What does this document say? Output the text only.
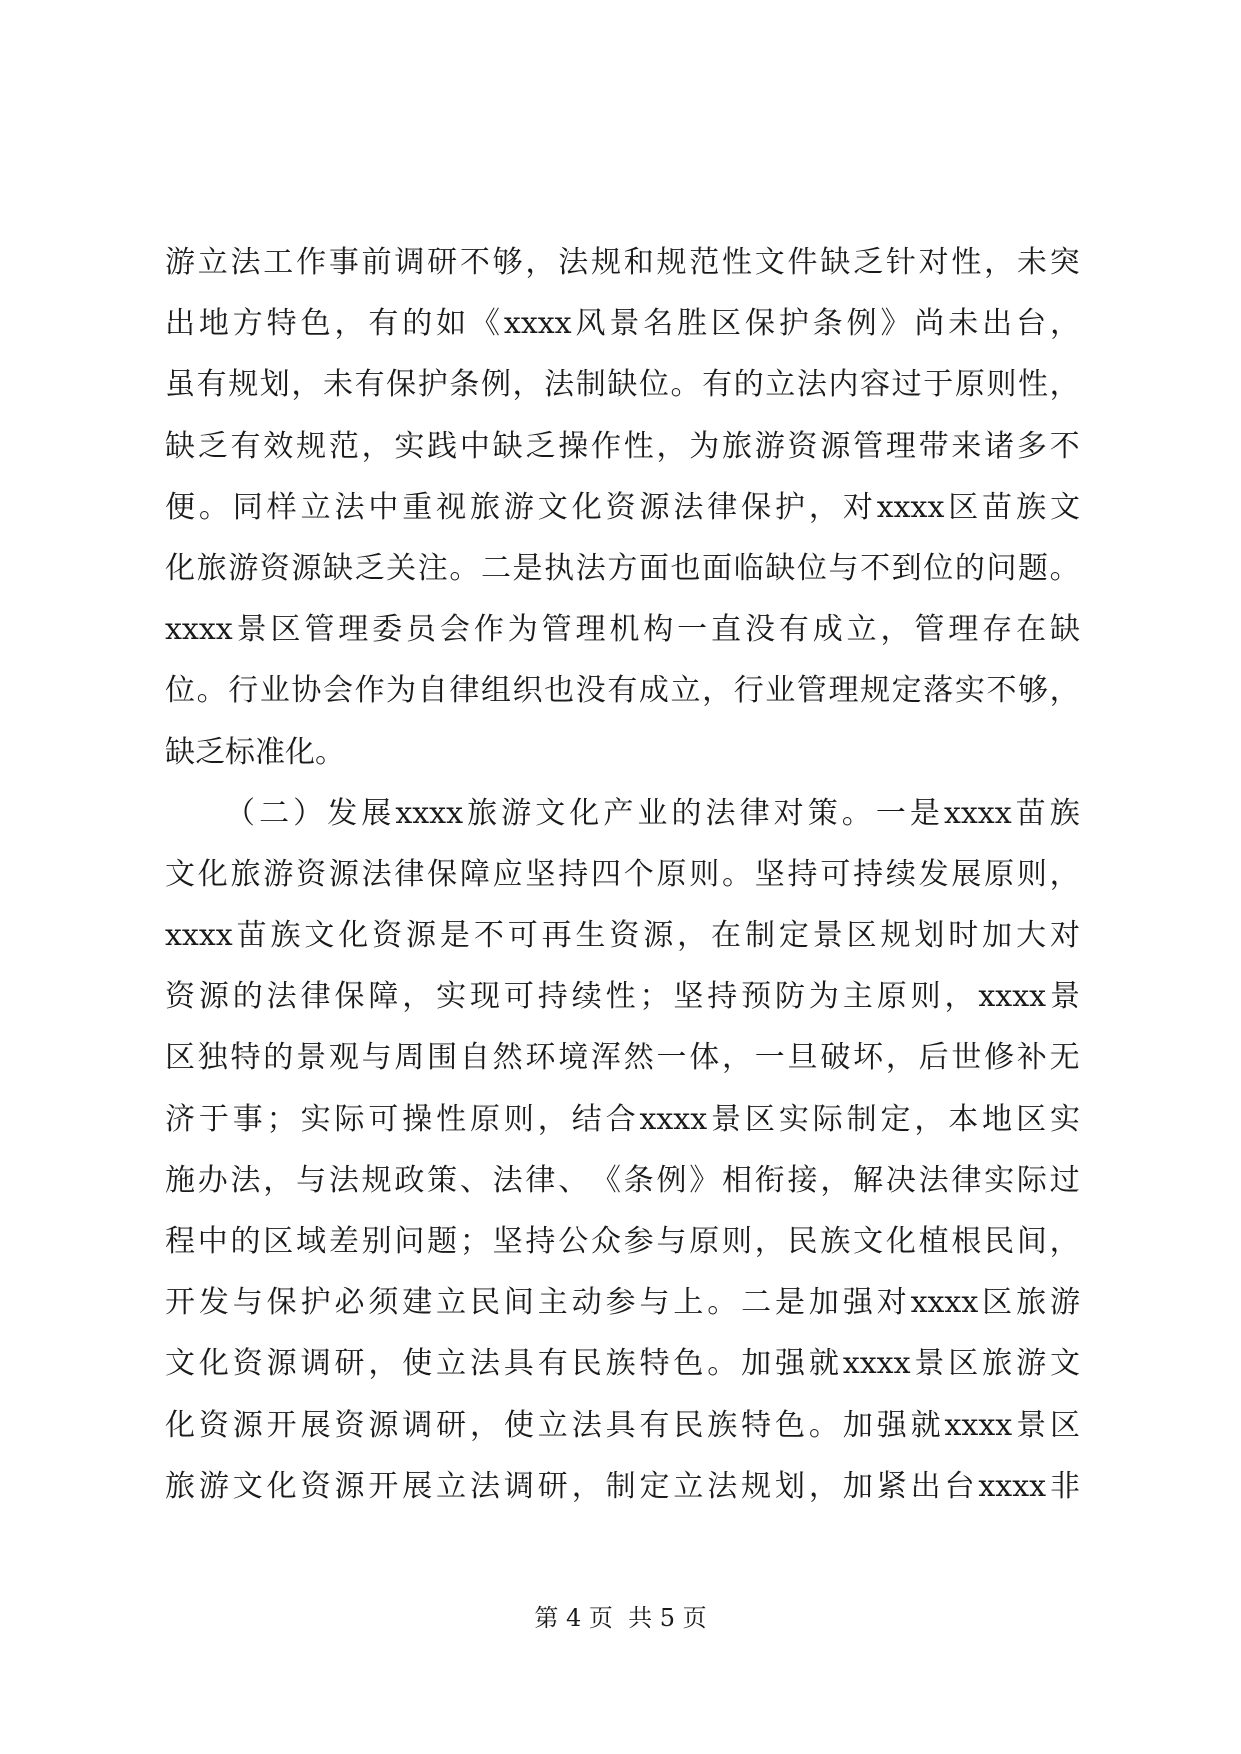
游 立 法 工 作 事 前 调 研 不 够 ， 法 规 和 规 范 性 文 件 缺 乏 针 对 性 ， 未 突
出 地 方 特 色 ， 有 的 如 《 xxxx 风 景 名 胜 区 保 护 条 例 》 尚 未 出 台 ，
虽 有 规 划 ， 未 有 保 护 条 例 ， 法 制 缺 位 。 有 的 立 法 内 容 过 于 原 则 性 ，
缺 乏 有 效 规 范 ， 实 践 中 缺 乏 操 作 性 ， 为 旅 游 资 源 管 理 带 来 诸 多 不
便 。 同 样 立 法 中 重 视 旅 游 文 化 资 源 法 律 保 护 ， 对 xxxx 区 苗 族 文
化 旅 游 资 源 缺 乏 关 注 。 二 是 执 法 方 面 也 面 临 缺 位 与 不 到 位 的 问 题 。
xxxx 景 区 管 理 委 员 会 作 为 管 理 机 构 一 直 没 有 成 立 ， 管 理 存 在 缺
位 。 行 业 协 会 作 为 自 律 组 织 也 没 有 成 立 ， 行 业 管 理 规 定 落 实 不 够 ，
缺 乏 标 准 化 。
（ 二 ） 发 展 xxxx 旅 游 文 化 产 业 的 法 律 对 策 。 一 是 xxxx 苗 族
文 化 旅 游 资 源 法 律 保 障 应 坚 持 四 个 原 则 。 坚 持 可 持 续 发 展 原 则 ，
xxxx 苗 族 文 化 资 源 是 不 可 再 生 资 源 ， 在 制 定 景 区 规 划 时 加 大 对
资 源 的 法 律 保 障 ， 实 现 可 持 续 性 ； 坚 持 预 防 为 主 原 则 ， xxxx 景
区 独 特 的 景 观 与 周 围 自 然 环 境 浑 然 一 体 ， 一 旦 破 坏 ， 后 世 修 补 无
济 于 事 ； 实 际 可 操 性 原 则 ， 结 合 xxxx 景 区 实 际 制 定 ， 本 地 区 实
施 办 法 ， 与 法 规 政 策 、 法 律 、 《 条 例 》 相 衔 接 ， 解 决 法 律 实 际 过
程 中 的 区 域 差 别 问 题 ； 坚 持 公 众 参 与 原 则 ， 民 族 文 化 植 根 民 间 ，
开 发 与 保 护 必 须 建 立 民 间 主 动 参 与 上 。 二 是 加 强 对 xxxx 区 旅 游
文 化 资 源 调 研 ， 使 立 法 具 有 民 族 特 色 。 加 强 就 xxxx 景 区 旅 游 文
化 资 源 开 展 资 源 调 研 ， 使 立 法 具 有 民 族 特 色 。 加 强 就 xxxx 景 区
旅 游 文 化 资 源 开 展 立 法 调 研 ， 制 定 立 法 规 划 ， 加 紧 出 台 xxxx 非
第 4 页  共 5 页
